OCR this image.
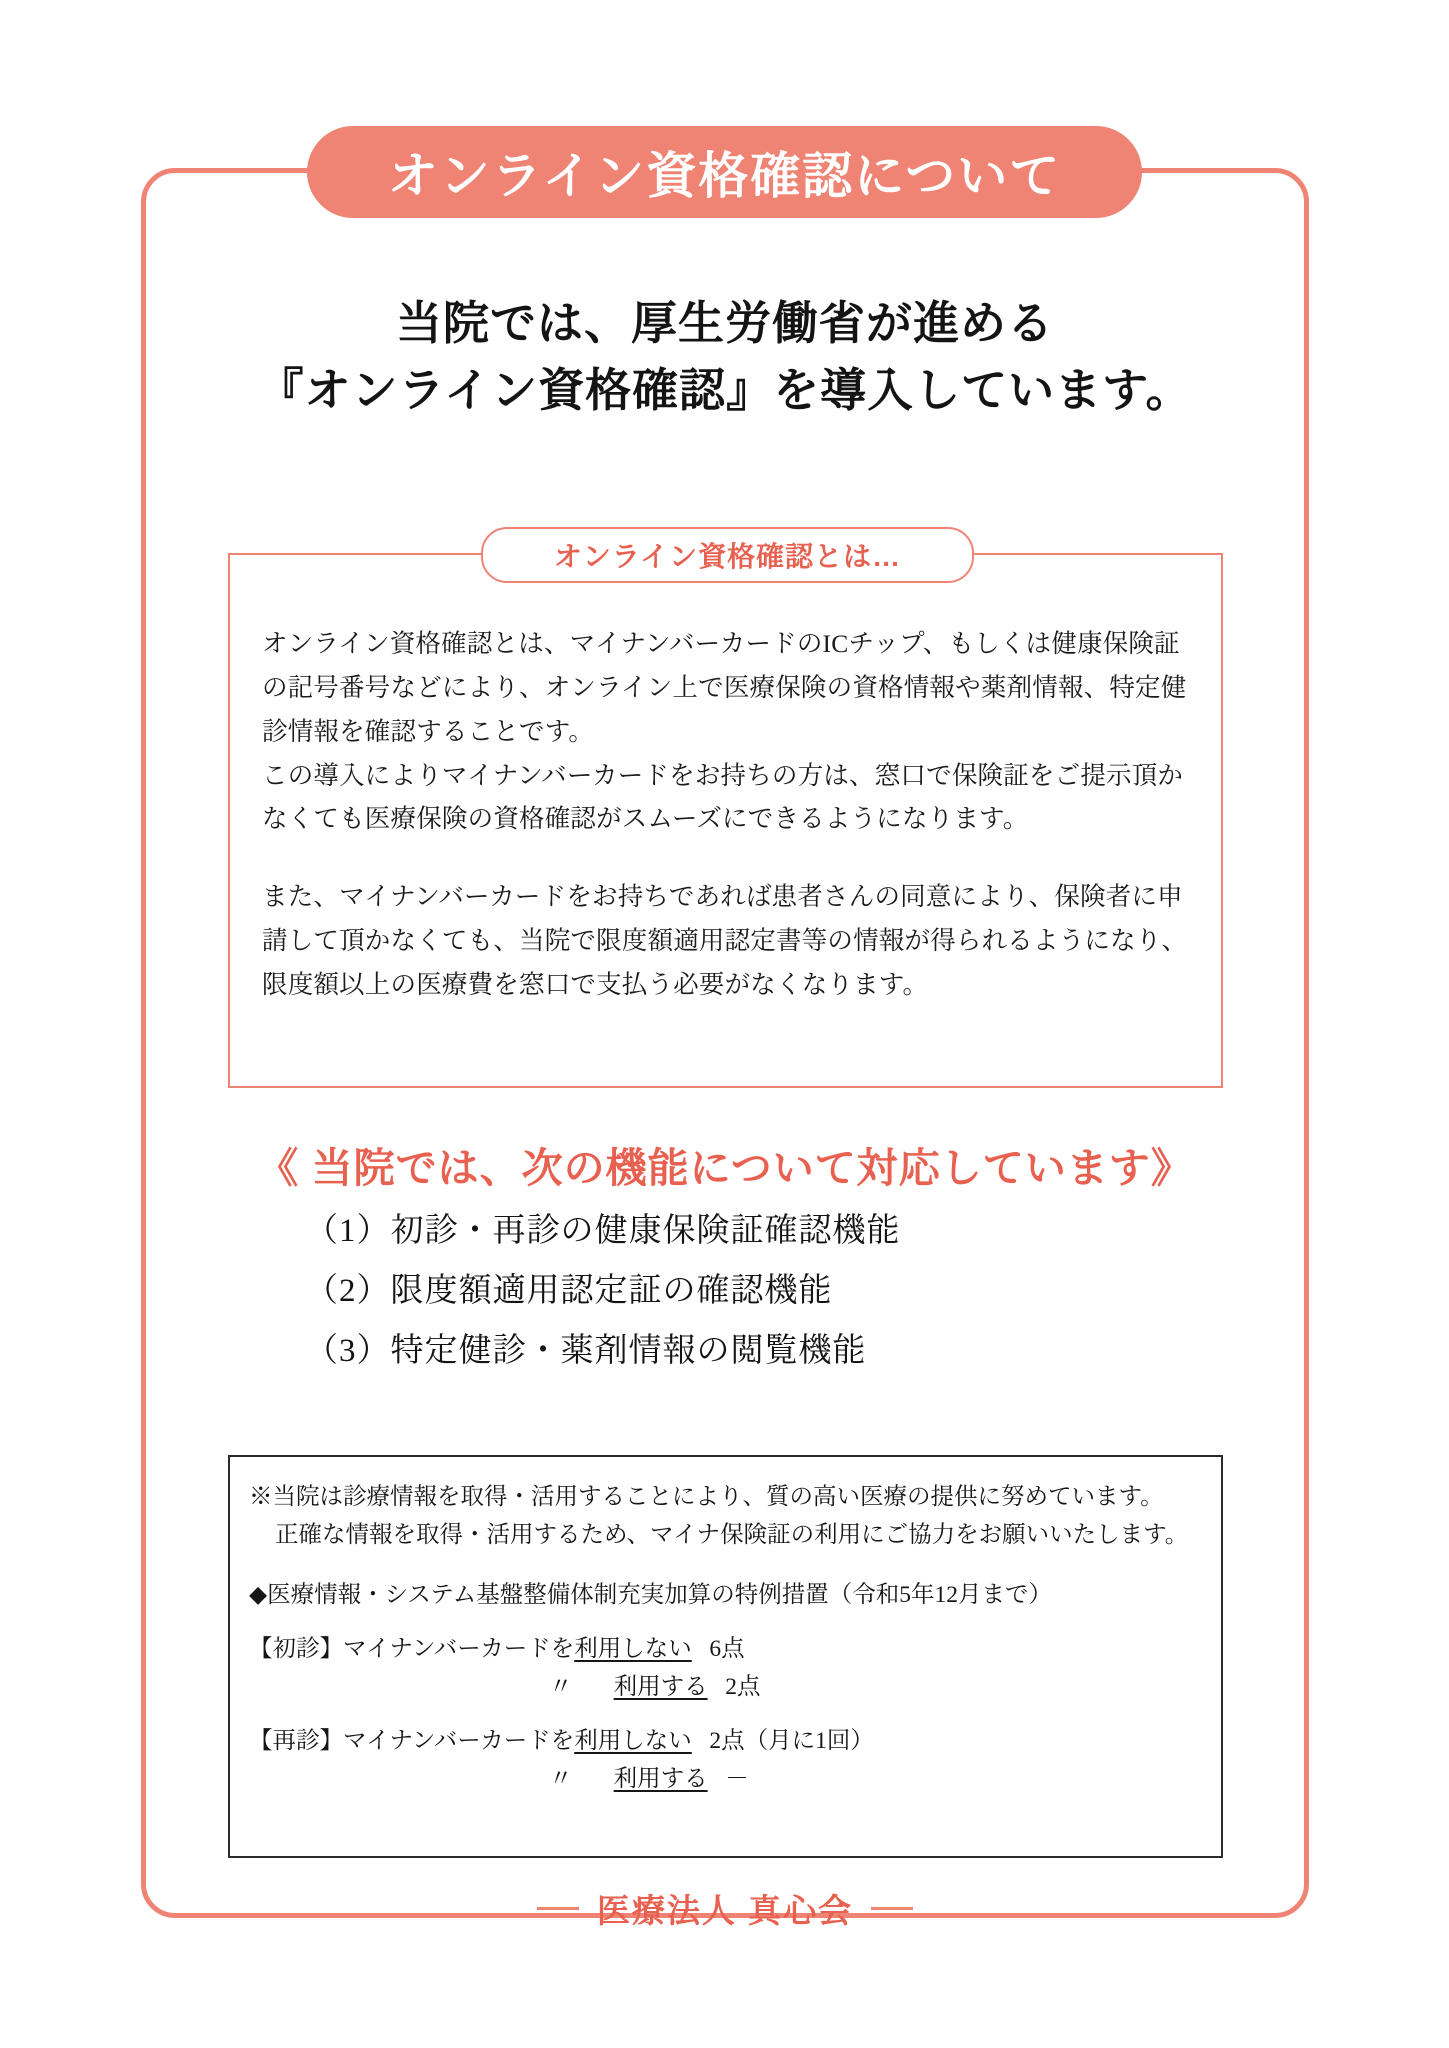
オンライン資格確認について
当院では、厚生労働省が進める
『オンライン資格確認』を導入しています。
オンライン資格確認とは…

オンライン資格確認とは、マイナンバーカードのICチップ、もしくは健康保険証の記号番号などにより、オンライン上で医療保険の資格情報や薬剤情報、特定健診情報を確認することです。

この導入によりマイナンバーカードをお持ちの方は、窓口で保険証をご提示頂かなくても医療保険の資格確認がスムーズにできるようになります。

また、マイナンバーカードをお持ちであれば患者さんの同意により、保険者に申請して頂かなくても、当院で限度額適用認定書等の情報が得られるようになり、限度額以上の医療費を窓口で支払う必要がなくなります。

《 当院では、次の機能について対応しています》
（1）初診・再診の健康保険証確認機能
（2）限度額適用認定証の確認機能
（3）特定健診・薬剤情報の閲覧機能

※当院は診療情報を取得・活用することにより、質の高い医療の提供に努めています。

正確な情報を取得・活用するため、マイナ保険証の利用にご協力をお願いいたします。

◆医療情報・システム基盤整備体制充実加算の特例措置（令和5年12月まで）

【初診】マイナンバーカードを利用しない 6点

〃 利用する 2点

【再診】マイナンバーカードを利用しない 2点（月に1回）

〃 利用する －

医療法人 真心会
